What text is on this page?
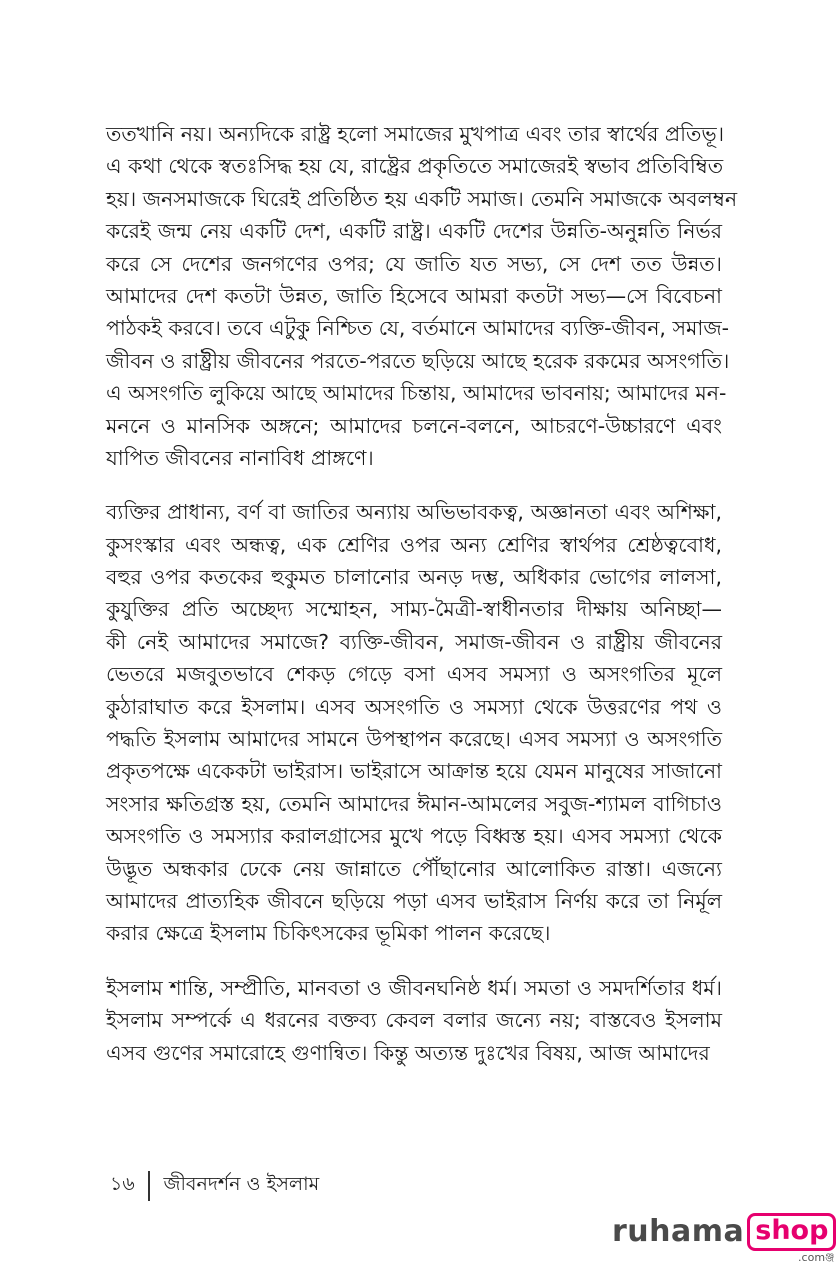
ততখানি নয়। অন্যদিকে রাষ্ট্র হলো সমাজের মুখপাত্র এবং তার স্বার্থের প্রতিভূ।

এ কথা থেকে স্বতঃসিদ্ধ হয় যে, রাষ্ট্রের প্রকৃতিতে সমাজেরই স্বভাব প্রতিবিম্বিত

হয়। জনসমাজকে ঘিরেই প্রতিষ্ঠিত হয় একটি সমাজ। তেমনি সমাজকে অবলম্বন

করেই জন্ম নেয় একটি দেশ, একটি রাষ্ট্র। একটি দেশের উন্নতি-অনুন্নতি নির্ভর

করে সে দেশের জনগণের ওপর; যে জাতি যত সভ্য, সে দেশ তত উন্নত।

আমাদের দেশ কতটা উন্নত, জাতি হিসেবে আমরা কতটা সভ্য—সে বিবেচনা

পাঠকই করবে। তবে এটুকু নিশ্চিত যে, বর্তমানে আমাদের ব্যক্তি-জীবন, সমাজ-

জীবন ও রাষ্ট্রীয় জীবনের পরতে-পরতে ছড়িয়ে আছে হরেক রকমের অসংগতি।

এ অসংগতি লুকিয়ে আছে আমাদের চিন্তায়, আমাদের ভাবনায়; আমাদের মন-

মননে ও মানসিক অঙ্গনে; আমাদের চলনে-বলনে, আচরণে-উচ্চারণে এবং

যাপিত জীবনের নানাবিধ প্রাঙ্গণে।

ব্যক্তির প্রাধান্য, বর্ণ বা জাতির অন্যায় অভিভাবকত্ব, অজ্ঞানতা এবং অশিক্ষা,

কুসংস্কার এবং অন্ধত্ব, এক শ্রেণির ওপর অন্য শ্রেণির স্বার্থপর শ্রেষ্ঠত্ববোধ,

বহুর ওপর কতকের হুকুমত চালানোর অনড় দম্ভ, অধিকার ভোগের লালসা,

কুযুক্তির প্রতি অচ্ছেদ্য সম্মোহন, সাম্য-মৈত্রী-স্বাধীনতার দীক্ষায় অনিচ্ছা—

কী নেই আমাদের সমাজে? ব্যক্তি-জীবন, সমাজ-জীবন ও রাষ্ট্রীয় জীবনের

ভেতরে মজবুতভাবে শেকড় গেড়ে বসা এসব সমস্যা ও অসংগতির মূলে

কুঠারাঘাত করে ইসলাম। এসব অসংগতি ও সমস্যা থেকে উত্তরণের পথ ও

পদ্ধতি ইসলাম আমাদের সামনে উপস্থাপন করেছে। এসব সমস্যা ও অসংগতি

প্রকৃতপক্ষে একেকটা ভাইরাস। ভাইরাসে আক্রান্ত হয়ে যেমন মানুষের সাজানো

সংসার ক্ষতিগ্রস্ত হয়, তেমনি আমাদের ঈমান-আমলের সবুজ-শ্যামল বাগিচাও

অসংগতি ও সমস্যার করালগ্রাসের মুখে পড়ে বিধ্বস্ত হয়। এসব সমস্যা থেকে

উদ্ভূত অন্ধকার ঢেকে নেয় জান্নাতে পৌঁছানোর আলোকিত রাস্তা। এজন্যে

আমাদের প্রাত্যহিক জীবনে ছড়িয়ে পড়া এসব ভাইরাস নির্ণয় করে তা নির্মূল

করার ক্ষেত্রে ইসলাম চিকিৎসকের ভূমিকা পালন করেছে।

ইসলাম শান্তি, সম্প্রীতি, মানবতা ও জীবনঘনিষ্ঠ ধর্ম। সমতা ও সমদর্শিতার ধর্ম।

ইসলাম সম্পর্কে এ ধরনের বক্তব্য কেবল বলার জন্যে নয়; বাস্তবেও ইসলাম

এসব গুণের সমারোহে গুণান্বিত। কিন্তু অত্যন্ত দুঃখের বিষয়, আজ আমাদের

১৬	জীবনদর্শন ও ইসলাম
ruhama shop
.comঞ্জ
